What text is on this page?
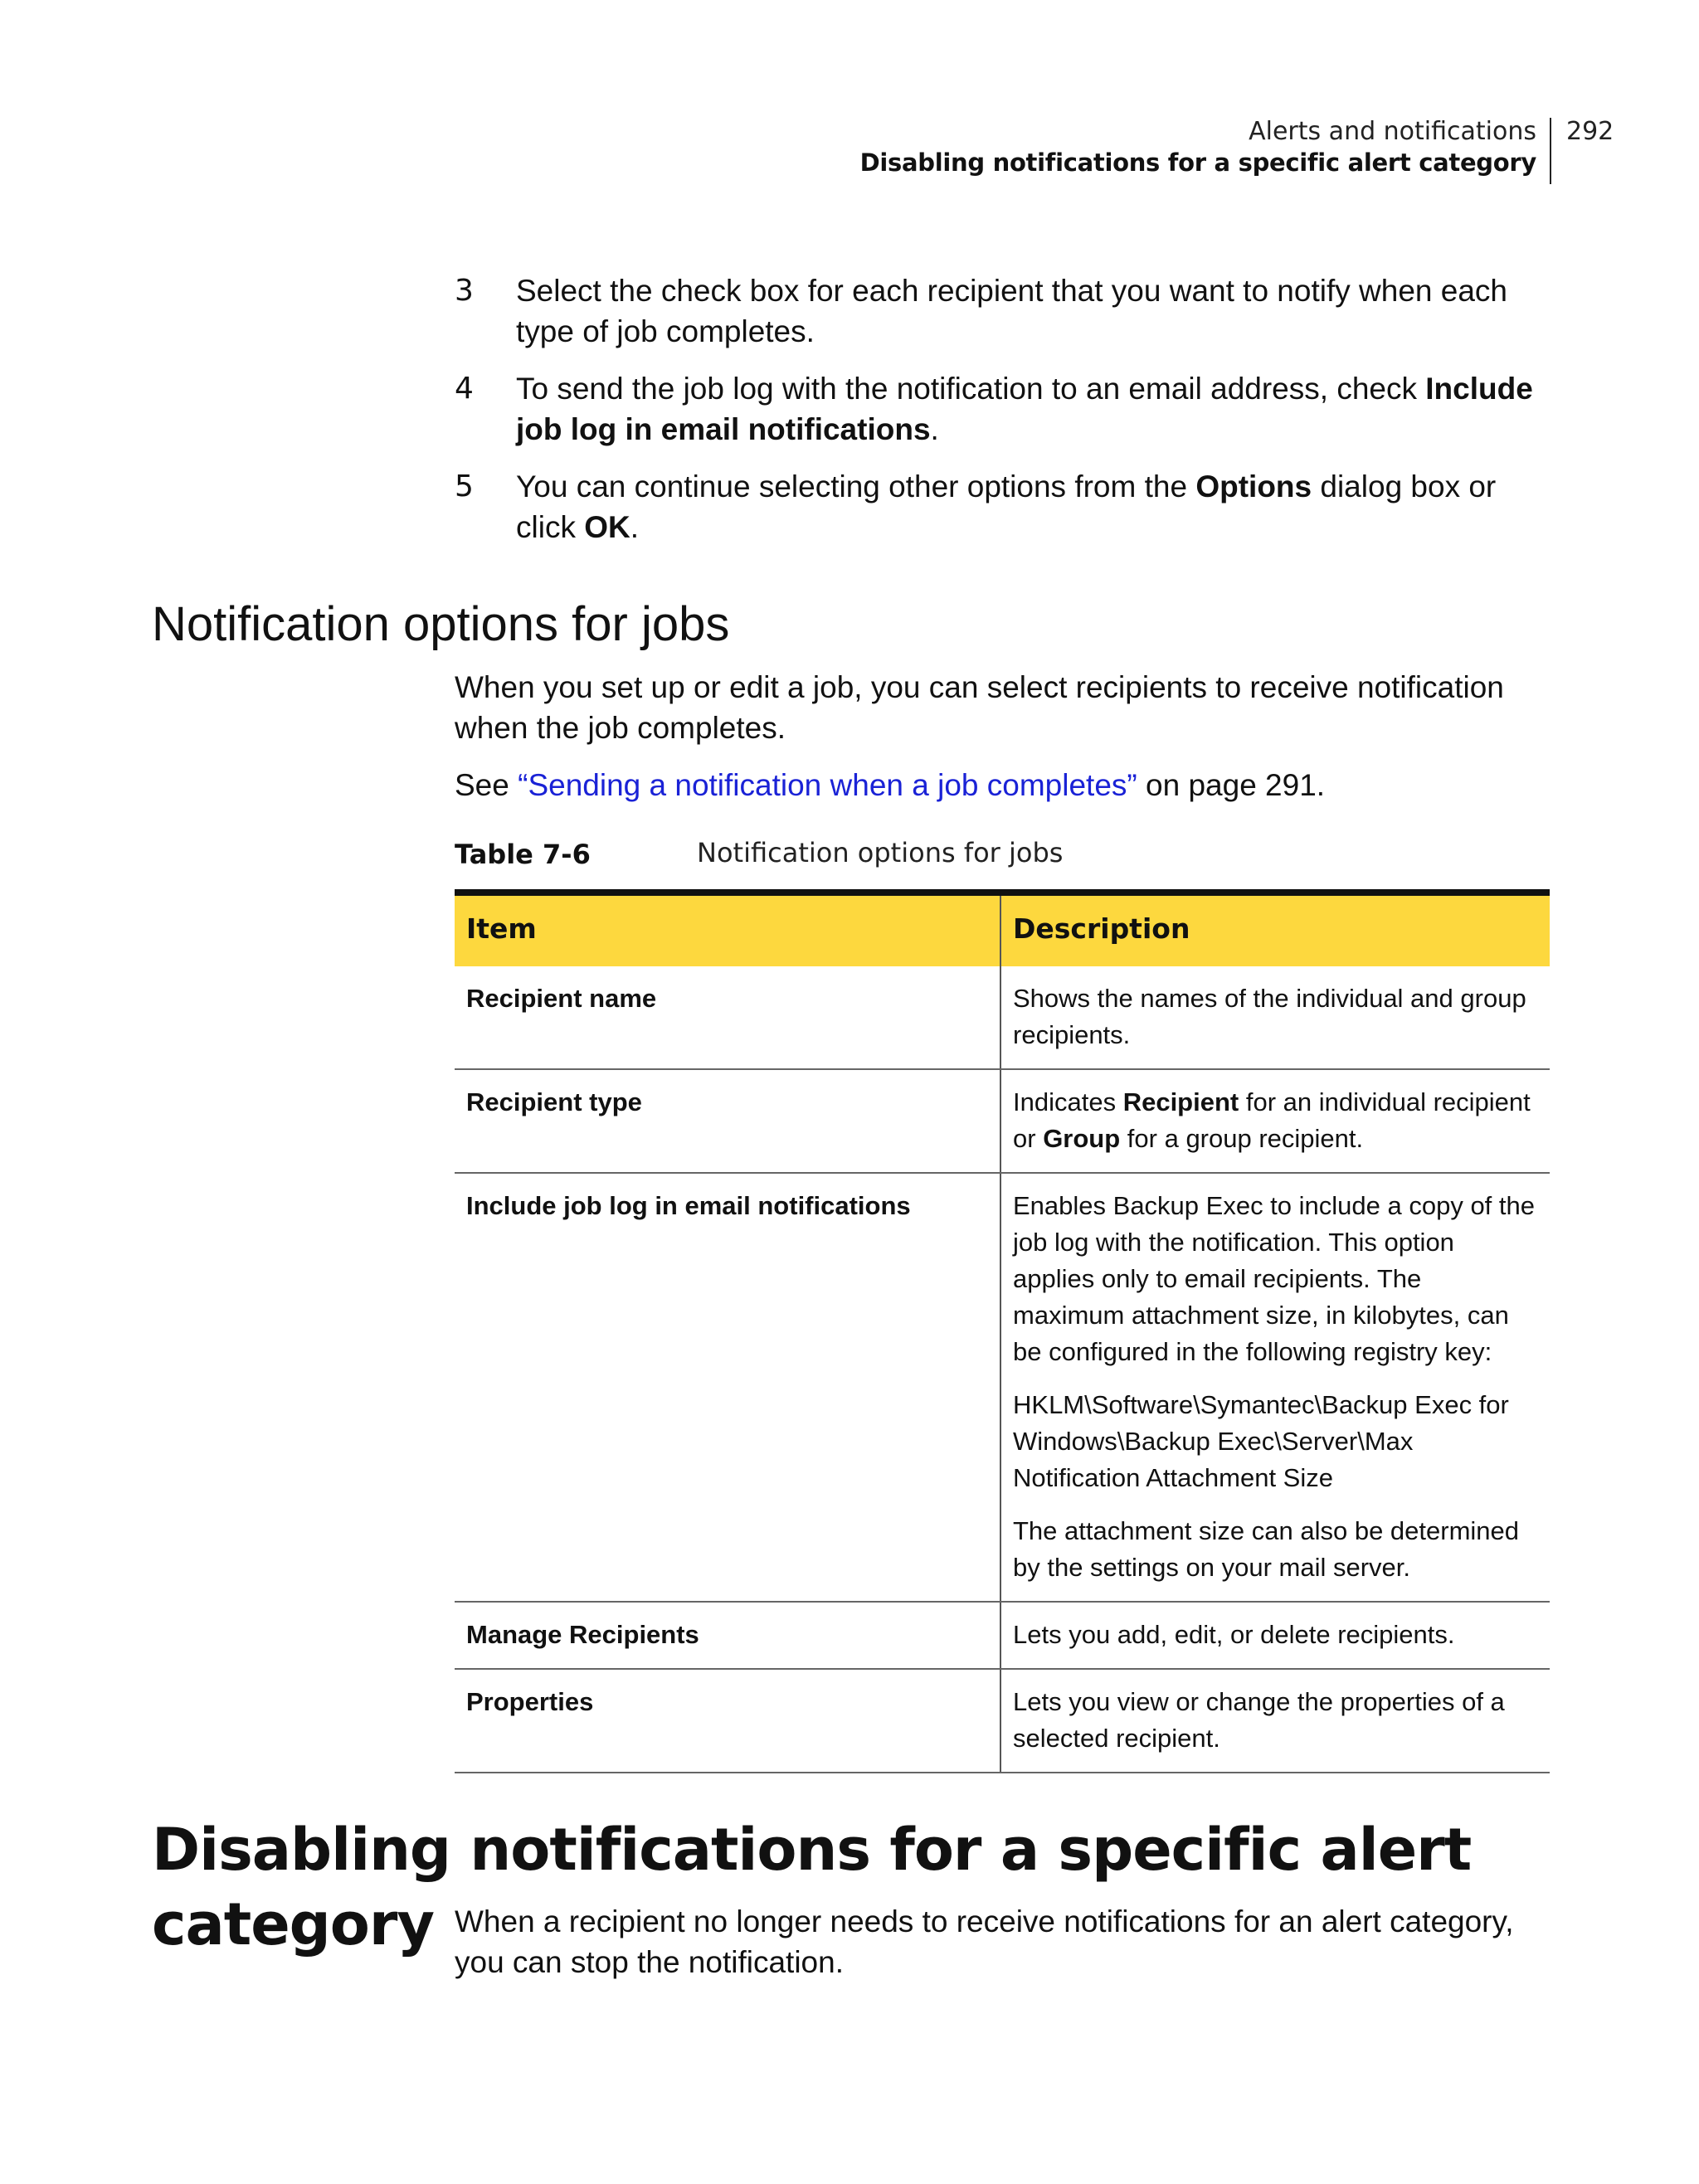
Alerts and notifications
Disabling notifications for a specific alert category
292
3 Select the check box for each recipient that you want to notify when each type of job completes.
4 To send the job log with the notification to an email address, check Include job log in email notifications.
5 You can continue selecting other options from the Options dialog box or click OK.
Notification options for jobs
When you set up or edit a job, you can select recipients to receive notification when the job completes.
See “Sending a notification when a job completes” on page 291.
Table 7-6	Notification options for jobs
Item	Description
Recipient name	Shows the names of the individual and group recipients.
Recipient type	Indicates Recipient for an individual recipient or Group for a group recipient.
Include job log in email notifications	Enables Backup Exec to include a copy of the job log with the notification. This option applies only to email recipients. The maximum attachment size, in kilobytes, can be configured in the following registry key:

HKLM\Software\Symantec\Backup Exec for Windows\Backup Exec\Server\Max Notification Attachment Size

The attachment size can also be determined by the settings on your mail server.

Manage Recipients	Lets you add, edit, or delete recipients.
Properties	Lets you view or change the properties of a selected recipient.
Disabling notifications for a specific alert category When a recipient no longer needs to receive notifications for an alert category, you can stop the notification.
